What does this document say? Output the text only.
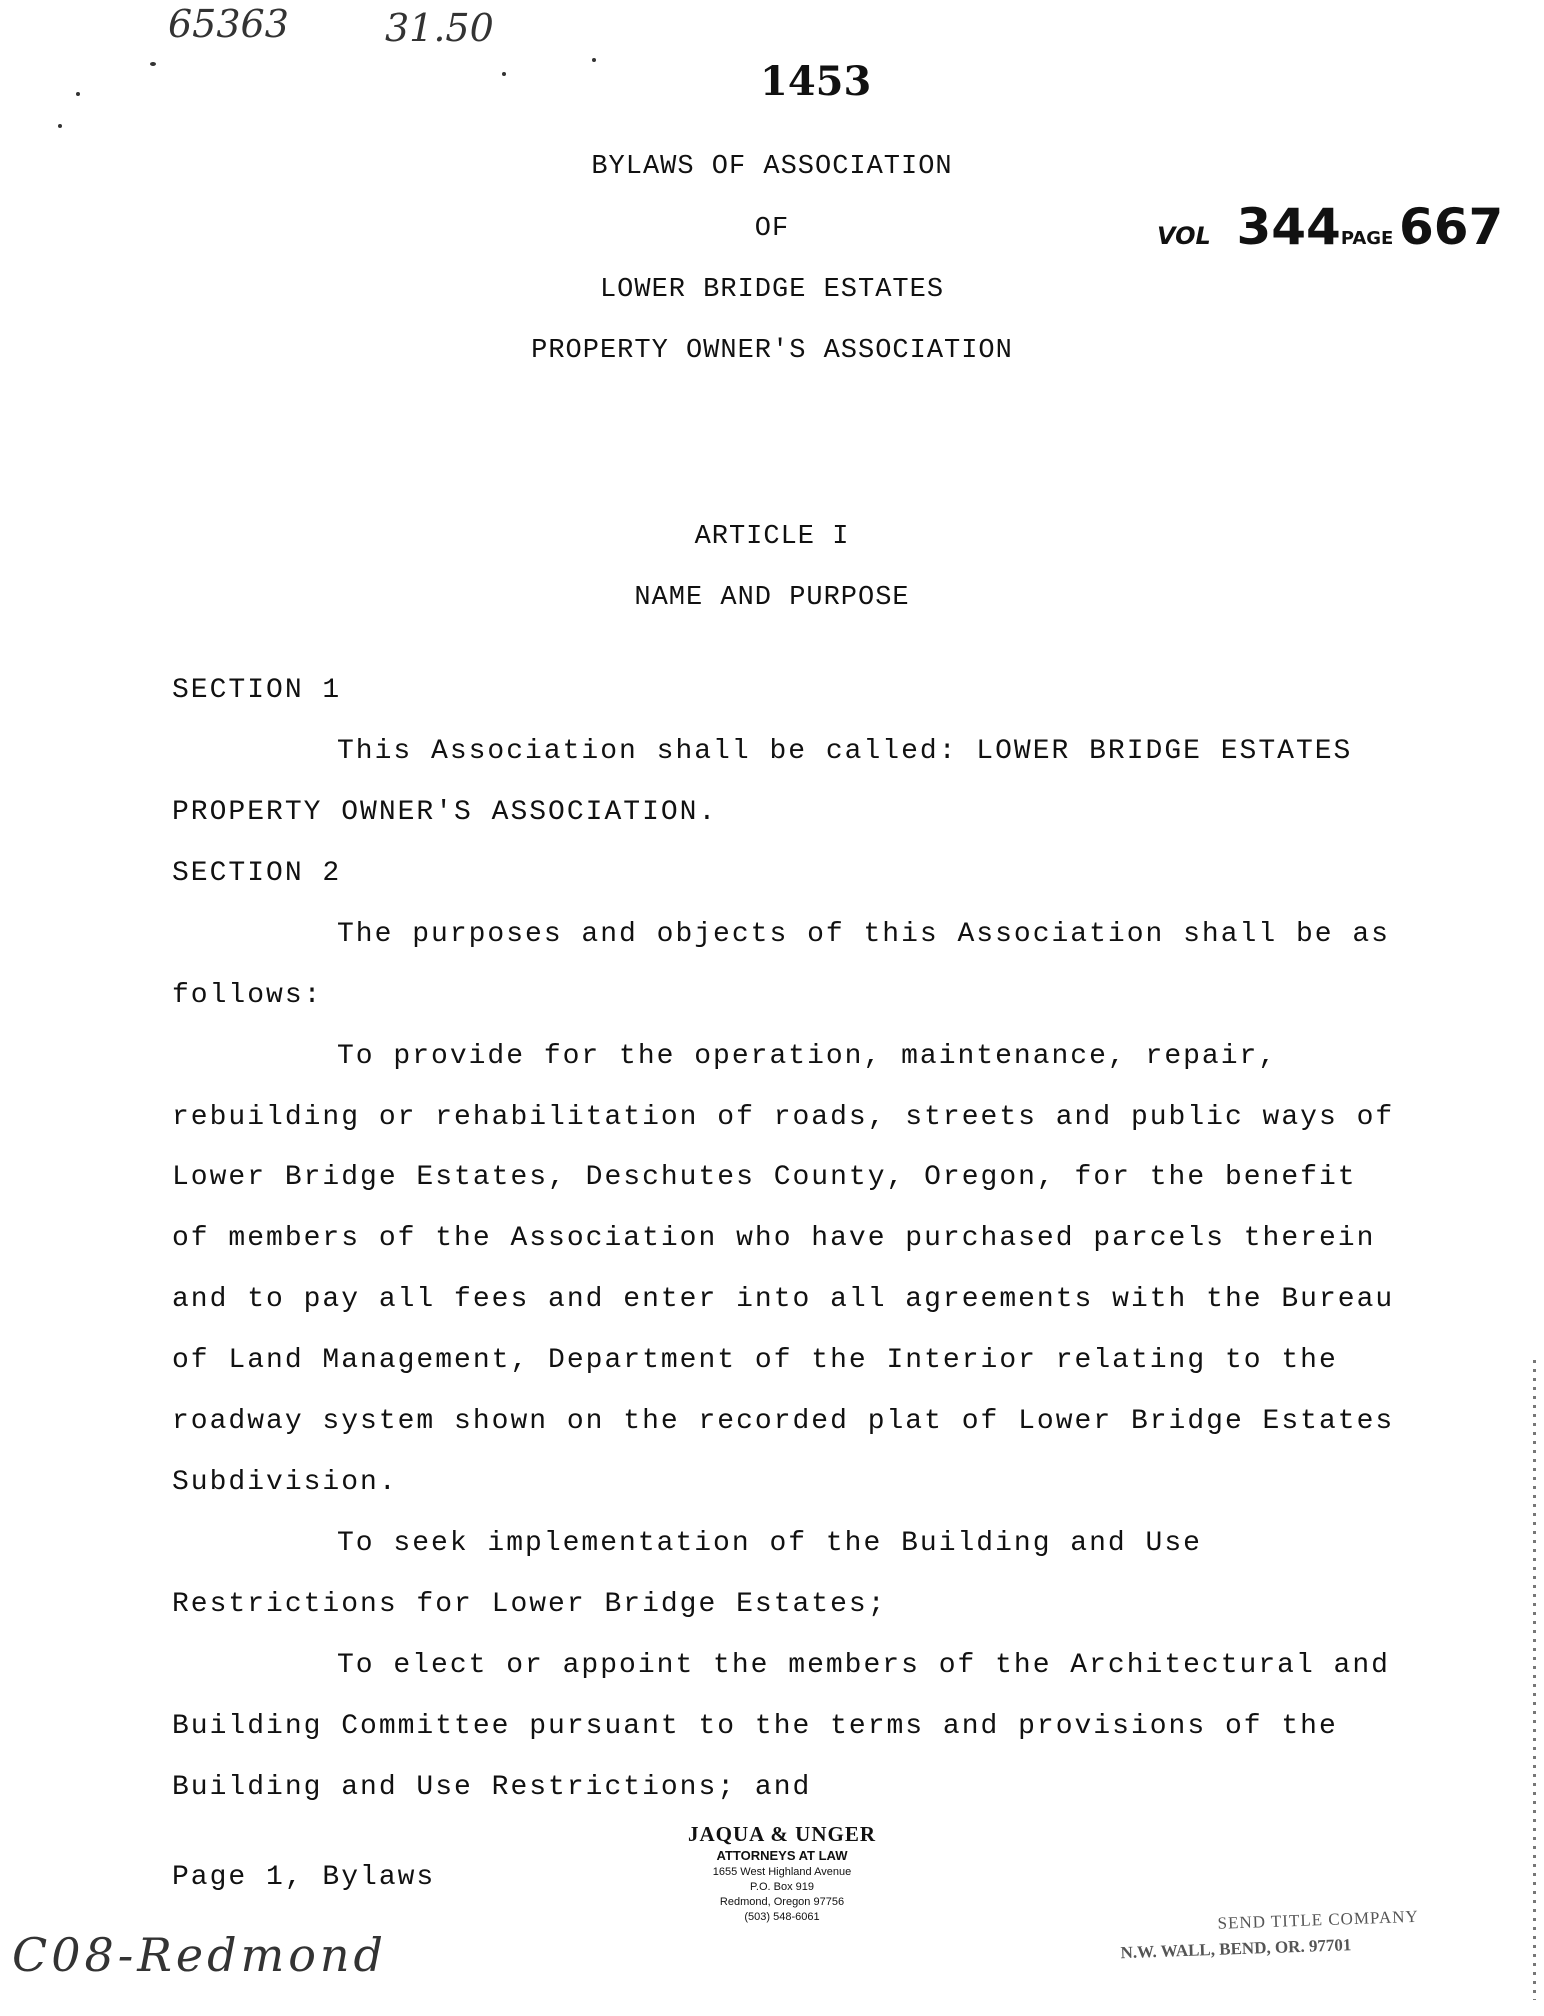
65363	31.50
1453
VOL 344PAGE 667
BYLAWS OF ASSOCIATION
OF
LOWER BRIDGE ESTATES
PROPERTY OWNER'S ASSOCIATION
ARTICLE I
NAME AND PURPOSE
SECTION 1
This Association shall be called: LOWER BRIDGE ESTATES
PROPERTY OWNER'S ASSOCIATION.
SECTION 2
The purposes and objects of this Association shall be as
follows:
To provide for the operation, maintenance, repair,
rebuilding or rehabilitation of roads, streets and public ways of
Lower Bridge Estates, Deschutes County, Oregon, for the benefit
of members of the Association who have purchased parcels therein
and to pay all fees and enter into all agreements with the Bureau
of Land Management, Department of the Interior relating to the
roadway system shown on the recorded plat of Lower Bridge Estates
Subdivision.
To seek implementation of the Building and Use
Restrictions for Lower Bridge Estates;
To elect or appoint the members of the Architectural and
Building Committee pursuant to the terms and provisions of the
Building and Use Restrictions; and
Page 1, Bylaws
JAQUA & UNGER
ATTORNEYS AT LAW
1655 West Highland Avenue
P.O. Box 919
Redmond, Oregon 97756
(503) 548-6061
C08-Redmond
SEND TITLE COMPANY
N.W. WALL, BEND, OR. 97701
